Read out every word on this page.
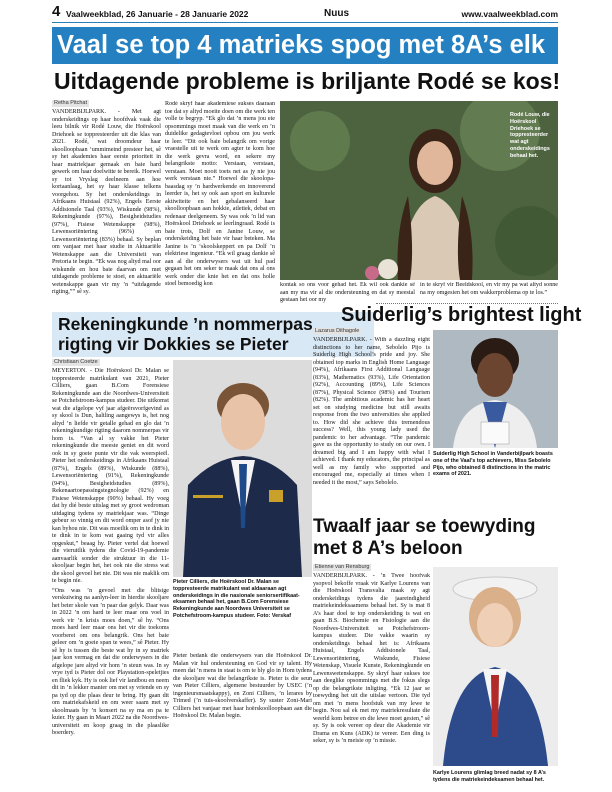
4 Vaalweekblad, 26 Januarie - 28 Januarie 2022	Nuus	www.vaalweekblad.com
Vaal se top 4 matrieks spog met 8A’s elk
Uitdagende probleme is briljante Rodé se kos!
Retha Pitchat

VANDERBIJLPARK. - Met agt onderskeidings op haar hoofdvak vaak die leeu bilnik vir Rodé Louw, die Hoërskool Driehoek se toppresteerder uit die klas van 2021. Rodé, wat droomdeur haar skoolloopbaan ‘ummimeind presteer het, sê sy het akademies haar eerste prioriteit in haar matriekjaar gemaak en baie hard gewerk om haar doelwitte te bereik. Hoewel sy tot Vryslag deelneem aan hoe kortaanlaag, het sy haar klasse telkens voorgehou. Sy het onderskeidings in Afrikaans Huistaal (92%), Engels Eerste Addisionele Taal (93%), Wiskunde (98%), Rekeningkunde (97%), Besigheidstudies (97%), Fisiese Wetenskappe (98%), Lewensoriëntering (96%) en Lewensoriëntering (83%) behaal. Sy beplan om vanjaar met haar studie in Aktuariële Wetenskappe aan die Universiteit van Pretoria te begin. “Ek was nog altyd mal oor wiskunde en hou baie daarvan om met uitdagende probleme te stoei, en aktuariële wetenskappe gaan vir my ’n “uitdagende rigting,”” sê sy.

Rodé skryf haar akademiese sukses daaraan toe dat sy altyd moeite doen om die werk ten volle te begryp. “Ek glo dat ’n mens jou eie opsommings moet maak van die werk en ’n duidelike gedagtevloei opbou om jou werk te leer. “Dit ook baie belangrik om vorige vraestelle uit te werk om agter te kom hoe die werk gevra word, en sekere my belangrikste motto: Verstaan, verstaan, verstaan. Moet nooit toets net as jy nie jou werk verstaan nie.” Hoewel die skoolopa-baasdag sy ’n hardwerkende en innoverend leerder is, het sy ook aan sport en kulturele aktiwiteite en het gebalanseerd haar skoolloopbaan aan hokkie, atletiek, debat en redenaar deelgeneem. Sy was ook ’n lid van Hoërskool Driehoek se leerlingraad. Rodé is baie trots, Dolf en Janine Louw, se onderskeiding het baie vir haar beteken. Ma Janine is ’n ‘skoolskeppert en pa Dolf ’n elektriese ingenieur. “Ek wil graag dankie sê aan al die onderwysers wat uit hul pad gegaan het om seker te maak dat ons al ons werk onder die knie het en dat ons holle stoel bemoedig kon

Rodé Louw, die Hoërskool Driehoek se toppresteerder wat agt onderskeidings behaal het.

kontak so ons voor gehad het. Ek wil ook dankie sê aan my ma vir al die ondersteuning en dat sy meestal gestaan het oor my

in te skryf vir Beeldskool, en vir my pa wat altyd sonne na my omgesien het om wakkerproblema op te los.”

Rekeningkunde ’n nommerpas
rigting vir Dokkies se Pieter
Christiaan Coetze

MEYERTON. - Die Hoërskool Dr. Malan se toppresteerde matrikulant van 2021, Pieter Cilliers, gaan B.Com Forensiese Rekeningkunde aan die Noordwes-Universiteit se Potchefstroom-kampus studeer. Die uitkomst wat die afgelope vyf jaar afgeërsvorfgevind as sy skool is Dun, haltling aangewys is, het nog altyd ’n liefde vir getalle gehad en glo dat ’n rekeningkundige rigting daarom nommerpas vir hom is. “Van al sy vakke het Pieter rekeningkunde die meeste geniet en dit word ook in sy goeie punte vir die vak weerspieël. Pieter het onderskeidings in Afrikaans Huistaal (87%), Engels (89%), Wiskunde (88%), Lewensoriëntering (91%), Rekeningkunde (94%), Besigheidstudies (89%), Rekenaartoepassingstegnologie (92%) en Fisiese Wetenskappe (90%) behaal. Hy voeg dat hy dié beste uitslag met sy groot wedroman uitdaging tydens sy matriekjaar was. “Dinge gebeur so vinnig en dit word omper asof jy nie kan byhou nie. Dit was moeilik om in te dink in te dink in te kom wat gaaing tyd vir alles opgeskut,” beaag hy. Pieter vertel dat hoewel die vieruitlik tydens die Covid-19-pandemie aanvaarlik sonder die struktuur in die 11-skooljaar begin het, het ook nie die stress wat die skool gevoel het nie. Dit was nie maklik om te begin nie.

“Ons was ’n gevoel met die blitsige verskuiwing na aanlyn-leer in hierdie skooljare het beter skole van ’n paar dae gelyk. Daar was in 2022 ’n om hard te leer maar ons voel in werk vir ’n krisis moes doen,” sê hy. “Ons moes hard leer maar ons het vir die toekoms voorberei om ons belangrik. Ons het baie geleer om ’n goeie span te wees,” sê Pieter. Hy sê hy is tussen die beste wat hy in sy matriek jaar kon vermag en dat die onderwysers in die afgelope jare altyd vir hom ’n steun was. In sy vrye tyd is Pieter dol oor Playstation-speletjies en fliek kyk. Hy is ook lief vir landbou en neem dit in ’n lekker manier om met sy vriende en sy pa tyd op die plaas deur te bring. Hy gaan dit om matriekafskeid en om weer saam met sy skoolmaats by ’n konsert na sy ma en pa te kuier. Hy gaan in Maart 2022 na die Noordwes-universiteit en koop graag in die plaaslike boerdery.

Pieter Cilliers, die Hoërskool Dr. Malan se toppresteerde matrikulant wat aldaaraan agt onderskeidings in die nasionale seniorsertifikaat-eksamen behaal het, gaan B.Com Forensiese Rekeningkunde aan Noordwes Universiteit se Potchefstroom-kampus studeer. Foto: Verskaf

Pieter bedank die onderwysers van die Hoërskool Dr. Malan vir hul ondersteuning en God vir sy talent. Hy meen dat ’n mens in staat is om te bly glo in Hom tydens die skooljare wat die belangrikste is. Pieter is die seun van Pieter Cilliers, algemene bestuurder by USEC (’n ingenieursmaatskappy), en Zoni Cilliers, ’n lerares by Trimed (’n tuis-skoolverskaffer). Sy suster Zoni-Mari Cilliers het vanjaar met haar hoërskoolloopbaan aan die Hoërskool Dr. Malan begin.

Suiderlig’s brightest light
Lazarus Dithagole

VANDERBIJLPARK. - With a dazzling eight distinctions to her name, Sebolelo Pijo is Suiderlig High School’s pride and joy. She obtained top marks in English Home Language (94%), Afrikaans First Additional Language (83%), Mathematics (93%), Life Orientation (92%), Accounting (89%), Life Sciences (87%), Physical Science (98%) and Tourism (82%). The ambitious academic has her heart set on studying medicine but still awaits response from the two universities she applied to. How did she achieve this tremendous success? Well, this young lady used the pandemic to her advantage. “The pandemic gave us the opportunity to study on our own. I dreamed big and I am happy with what I achieved. I thank my educators, the principal as well as my family who supported and encouraged me, especially at times when I needed it the most,” says Sebolelo.

Suiderlig High School in Vanderbijlpark boasts one of the Vaal’s top achievers, Miss Sebolelo Pijo, who obtained 8 distinctions in the matric exams of 2021.
Twaalf jaar se toewyding
met 8 A’s beloon
Etienne van Rensburg

VANDERBIJLPARK. - ’n Twee hoofvak ysopvol bekoffe vraak vir Karlye Lourens van die Hoërskool Transvalia maak sy agt onderskeidings tydens die jaareindigheid matriekeindeksaamens behaal het. Sy is mat 8 A’s haar doel te top onderskeiding is wat en gaan B.S. Biochemie en Fisiologie aan die Noordwes-Universiteit se Potchefstroom-kampus studeer. Die vakke waarin sy onderskeidings behaal het is: Afrikaans Huistaal, Engels Addisionele Taal, Lewensoriëntering, Wiskunde, Fisiese Wetenskap, Visuele Kunste, Rekeningkunde en Lewenswetenskappe. Sy skryf haar sukses toe aan deeglike opsommings met die fokus slegs op die belangrikste inligting. “Ek 12 jaar se toewyding het uit die uitslae vertoon. Die tyd om met ’n mens hoofstuk van my lewe te begin. Nou sal ek met my matriekresultate die weerld kom betree en die lewe moet gesien,” sê sy. Sy is ook vereer op deur die Akademie vir Drama en Kuns (ADK) te vereer. Een ding is seker, sy is ’n meisie op ’n missie.

Karlye Lourens glimlag breed nadat sy 8 A’s tydens die matriekeindeksamen behaal het.
